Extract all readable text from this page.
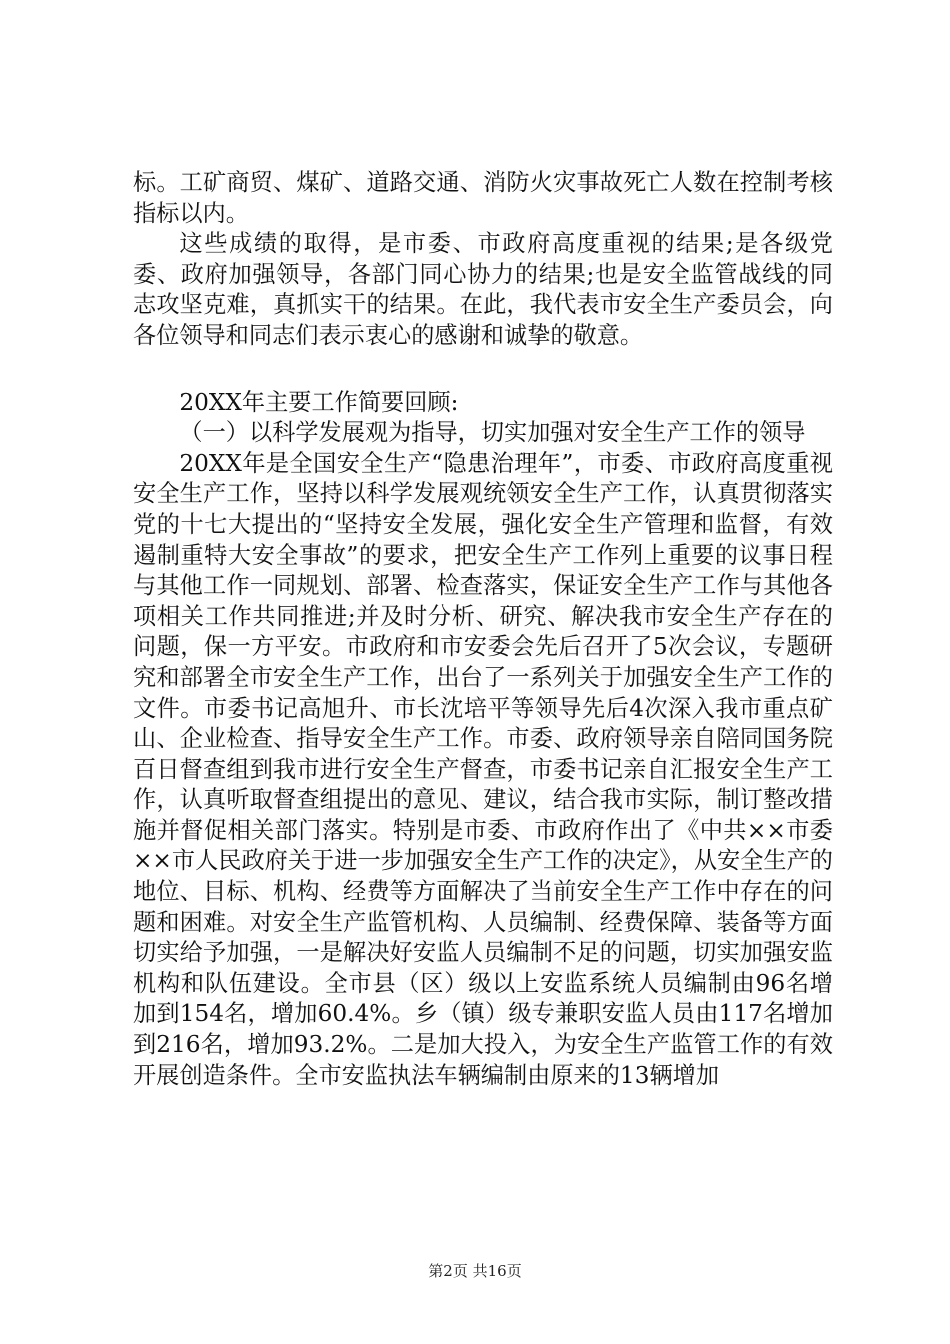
标。工矿商贸、煤矿、道路交通、消防火灾事故死亡人数在控制考核指标以内。

这些成绩的取得，是市委、市政府高度重视的结果;是各级党委、政府加强领导，各部门同心协力的结果;也是安全监管战线的同志攻坚克难，真抓实干的结果。在此，我代表市安全生产委员会，向各位领导和同志们表示衷心的感谢和诚挚的敬意。

20XX年主要工作简要回顾:

（一）以科学发展观为指导，切实加强对安全生产工作的领导

20XX年是全国安全生产“隐患治理年”，市委、市政府高度重视安全生产工作，坚持以科学发展观统领安全生产工作，认真贯彻落实党的十七大提出的“坚持安全发展，强化安全生产管理和监督，有效遏制重特大安全事故”的要求，把安全生产工作列上重要的议事日程与其他工作一同规划、部署、检查落实，保证安全生产工作与其他各项相关工作共同推进;并及时分析、研究、解决我市安全生产存在的问题，保一方平安。市政府和市安委会先后召开了5次会议，专题研究和部署全市安全生产工作，出台了一系列关于加强安全生产工作的文件。市委书记高旭升、市长沈培平等领导先后4次深入我市重点矿山、企业检查、指导安全生产工作。市委、政府领导亲自陪同国务院百日督查组到我市进行安全生产督查，市委书记亲自汇报安全生产工作，认真听取督查组提出的意见、建议，结合我市实际，制订整改措施并督促相关部门落实。特别是市委、市政府作出了《中共××市委××市人民政府关于进一步加强安全生产工作的决定》，从安全生产的地位、目标、机构、经费等方面解决了当前安全生产工作中存在的问题和困难。对安全生产监管机构、人员编制、经费保障、装备等方面切实给予加强，一是解决好安监人员编制不足的问题，切实加强安监机构和队伍建设。全市县（区）级以上安监系统人员编制由96名增加到154名，增加60.4%。乡（镇）级专兼职安监人员由117名增加到216名，增加93.2%。二是加大投入，为安全生产监管工作的有效开展创造条件。全市安监执法车辆编制由原来的13辆增加

第2页 共16页
